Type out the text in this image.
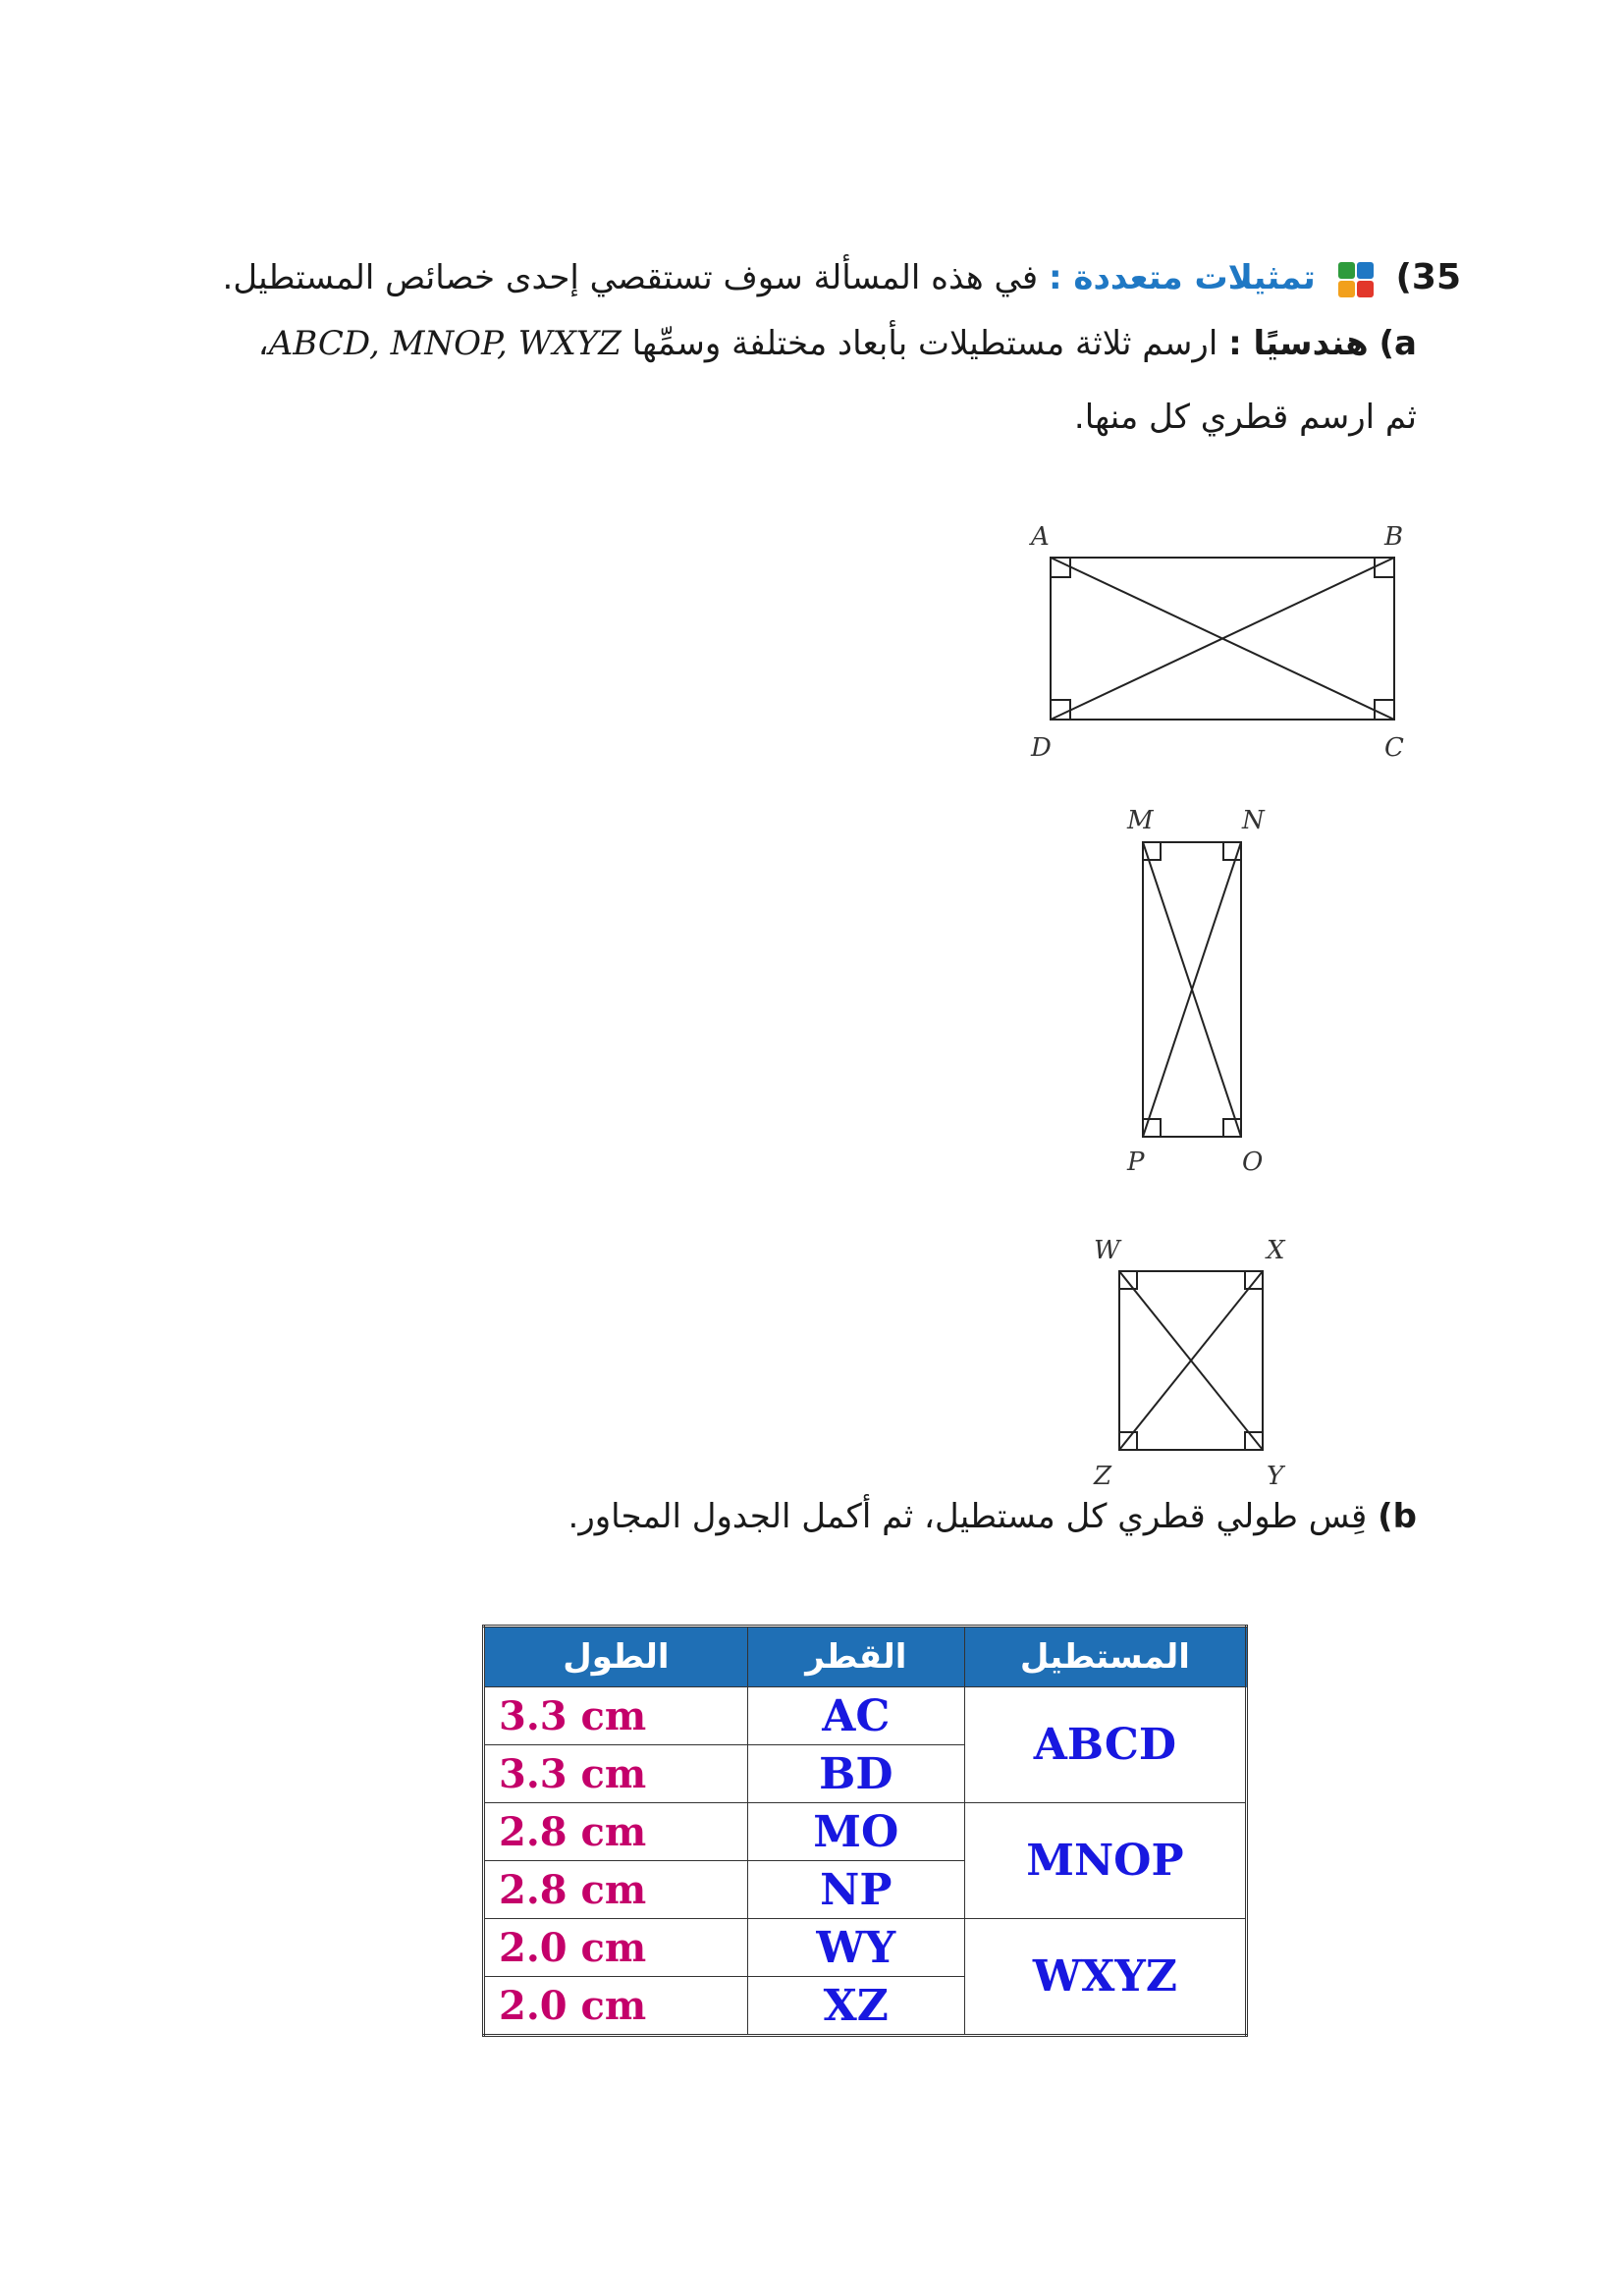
35)  تمثيلات متعددة : في هذه المسألة سوف تستقصي إحدى خصائص المستطيل.
a) هندسيًا : ارسم ثلاثة مستطيلات بأبعاد مختلفة وسمِّها ABCD, MNOP, WXYZ،
ثم ارسم قطري كل منها.
A	B
D	C
M	N
P	O
W	X
Z	Y
b) قِس طولي قطري كل مستطيل، ثم أكمل الجدول المجاور.
الطول	القطر	المستطيل
3.3 cm	AC	ABCD
3.3 cm	BD	
2.8 cm	MO	MNOP
2.8 cm	NP	
2.0 cm	WY	WXYZ
2.0 cm	XZ	
